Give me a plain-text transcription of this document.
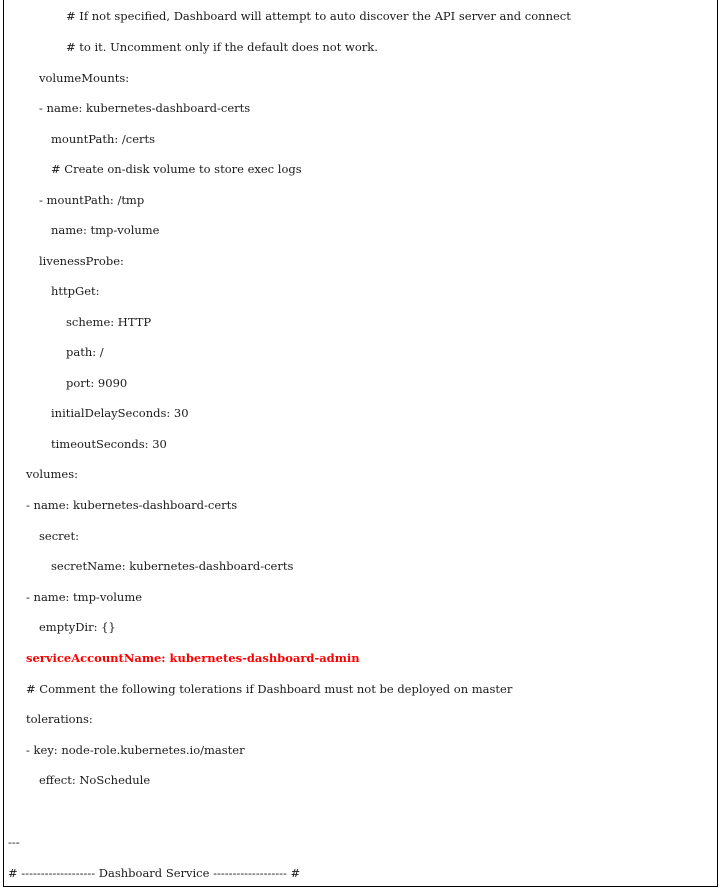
# If not specified, Dashboard will attempt to auto discover the API server and connect
# to it. Uncomment only if the default does not work.
volumeMounts:
- name: kubernetes-dashboard-certs
mountPath: /certs
# Create on-disk volume to store exec logs
- mountPath: /tmp
name: tmp-volume
livenessProbe:
httpGet:
scheme: HTTP
path: /
port: 9090
initialDelaySeconds: 30
timeoutSeconds: 30
volumes:
- name: kubernetes-dashboard-certs
secret:
secretName: kubernetes-dashboard-certs
- name: tmp-volume
emptyDir: {}
serviceAccountName: kubernetes-dashboard-admin
# Comment the following tolerations if Dashboard must not be deployed on master
tolerations:
- key: node-role.kubernetes.io/master
effect: NoSchedule
---
# ------------------- Dashboard Service ------------------- #
